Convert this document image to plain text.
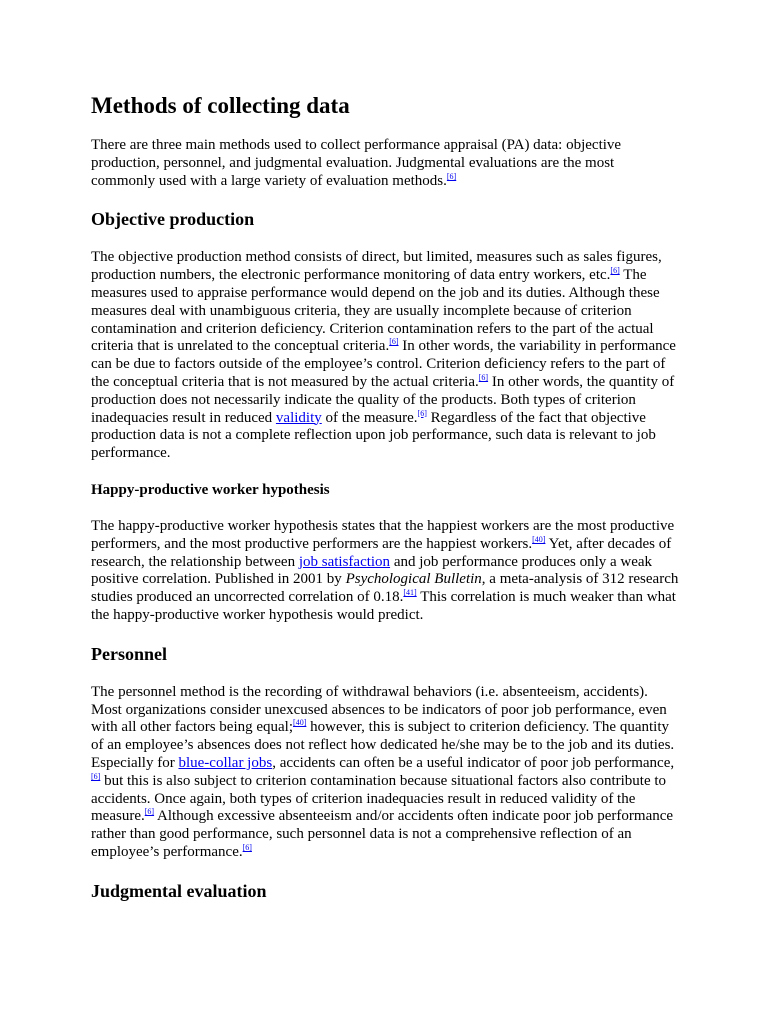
Methods of collecting data

There are three main methods used to collect performance appraisal (PA) data: objective production, personnel, and judgmental evaluation. Judgmental evaluations are the most commonly used with a large variety of evaluation methods.[6]

Objective production

The objective production method consists of direct, but limited, measures such as sales figures, production numbers, the electronic performance monitoring of data entry workers, etc.[6] The measures used to appraise performance would depend on the job and its duties. Although these measures deal with unambiguous criteria, they are usually incomplete because of criterion contamination and criterion deficiency. Criterion contamination refers to the part of the actual criteria that is unrelated to the conceptual criteria.[6] In other words, the variability in performance can be due to factors outside of the employee’s control. Criterion deficiency refers to the part of the conceptual criteria that is not measured by the actual criteria.[6] In other words, the quantity of production does not necessarily indicate the quality of the products. Both types of criterion inadequacies result in reduced validity of the measure.[6] Regardless of the fact that objective production data is not a complete reflection upon job performance, such data is relevant to job performance.

Happy-productive worker hypothesis

The happy-productive worker hypothesis states that the happiest workers are the most productive performers, and the most productive performers are the happiest workers.[40] Yet, after decades of research, the relationship between job satisfaction and job performance produces only a weak positive correlation. Published in 2001 by Psychological Bulletin, a meta-analysis of 312 research studies produced an uncorrected correlation of 0.18.[41] This correlation is much weaker than what the happy-productive worker hypothesis would predict.

Personnel

The personnel method is the recording of withdrawal behaviors (i.e. absenteeism, accidents). Most organizations consider unexcused absences to be indicators of poor job performance, even with all other factors being equal;[40] however, this is subject to criterion deficiency. The quantity of an employee’s absences does not reflect how dedicated he/she may be to the job and its duties. Especially for blue-collar jobs, accidents can often be a useful indicator of poor job performance,[6] but this is also subject to criterion contamination because situational factors also contribute to accidents. Once again, both types of criterion inadequacies result in reduced validity of the measure.[6] Although excessive absenteeism and/or accidents often indicate poor job performance rather than good performance, such personnel data is not a comprehensive reflection of an employee’s performance.[6]

Judgmental evaluation
